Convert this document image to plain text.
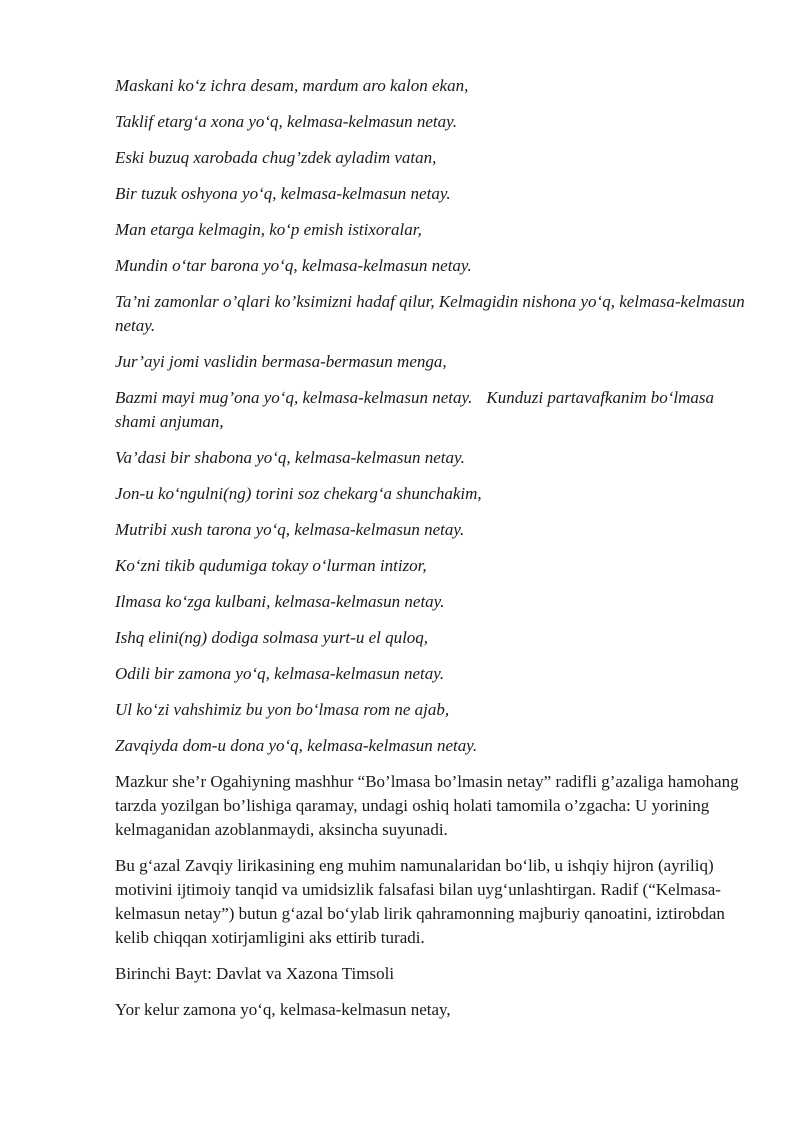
Maskani ko‘z ichra desam, mardum aro kalon ekan,

Taklif etarg‘a xona yo‘q, kelmasa-kelmasun netay.

Eski buzuq xarobada chug’zdek ayladim vatan,

Bir tuzuk oshyona yo‘q, kelmasa-kelmasun netay.

Man etarga kelmagin, ko‘p emish istixoralar,

Mundin o‘tar barona yo‘q, kelmasa-kelmasun netay.

Ta’ni zamonlar o’qlari ko’ksimizni hadaf qilur, Kelmagidin nishona yo‘q, kelmasa-kelmasun netay.

Jur’ayi jomi vaslidin bermasa-bermasun menga,

Bazmi mayi mug’ona yo‘q, kelmasa-kelmasun netay. Kunduzi partavafkanim bo‘lmasa shami anjuman,

Va’dasi bir shabona yo‘q, kelmasa-kelmasun netay.

Jon-u ko‘ngulni(ng) torini soz chekarg‘a shunchakim,

Mutribi xush tarona yo‘q, kelmasa-kelmasun netay.

Ko‘zni tikib qudumiga tokay o‘lurman intizor,

Ilmasa ko‘zga kulbani, kelmasa-kelmasun netay.

Ishq elini(ng) dodiga solmasa yurt-u el quloq,

Odili bir zamona yo‘q, kelmasa-kelmasun netay.

Ul ko‘zi vahshimiz bu yon bo‘lmasa rom ne ajab,

Zavqiyda dom-u dona yo‘q, kelmasa-kelmasun netay.

Mazkur she’r Ogahiyning mashhur “Bo’lmasa bo’lmasin netay” radifli g’azaliga hamohang tarzda yozilgan bo’lishiga qaramay, undagi oshiq holati tamomila o’zgacha: U yorining kelmaganidan azoblanmaydi, aksincha suyunadi.

Bu g‘azal Zavqiy lirikasining eng muhim namunalaridan bo‘lib, u ishqiy hijron (ayriliq) motivini ijtimoiy tanqid va umidsizlik falsafasi bilan uyg‘unlashtirgan. Radif (“Kelmasa-kelmasun netay”) butun g‘azal bo‘ylab lirik qahramonning majburiy qanoatini, iztirobdan kelib chiqqan xotirjamligini aks ettirib turadi.

Birinchi Bayt: Davlat va Xazona Timsoli

Yor kelur zamona yo‘q, kelmasa-kelmasun netay,
